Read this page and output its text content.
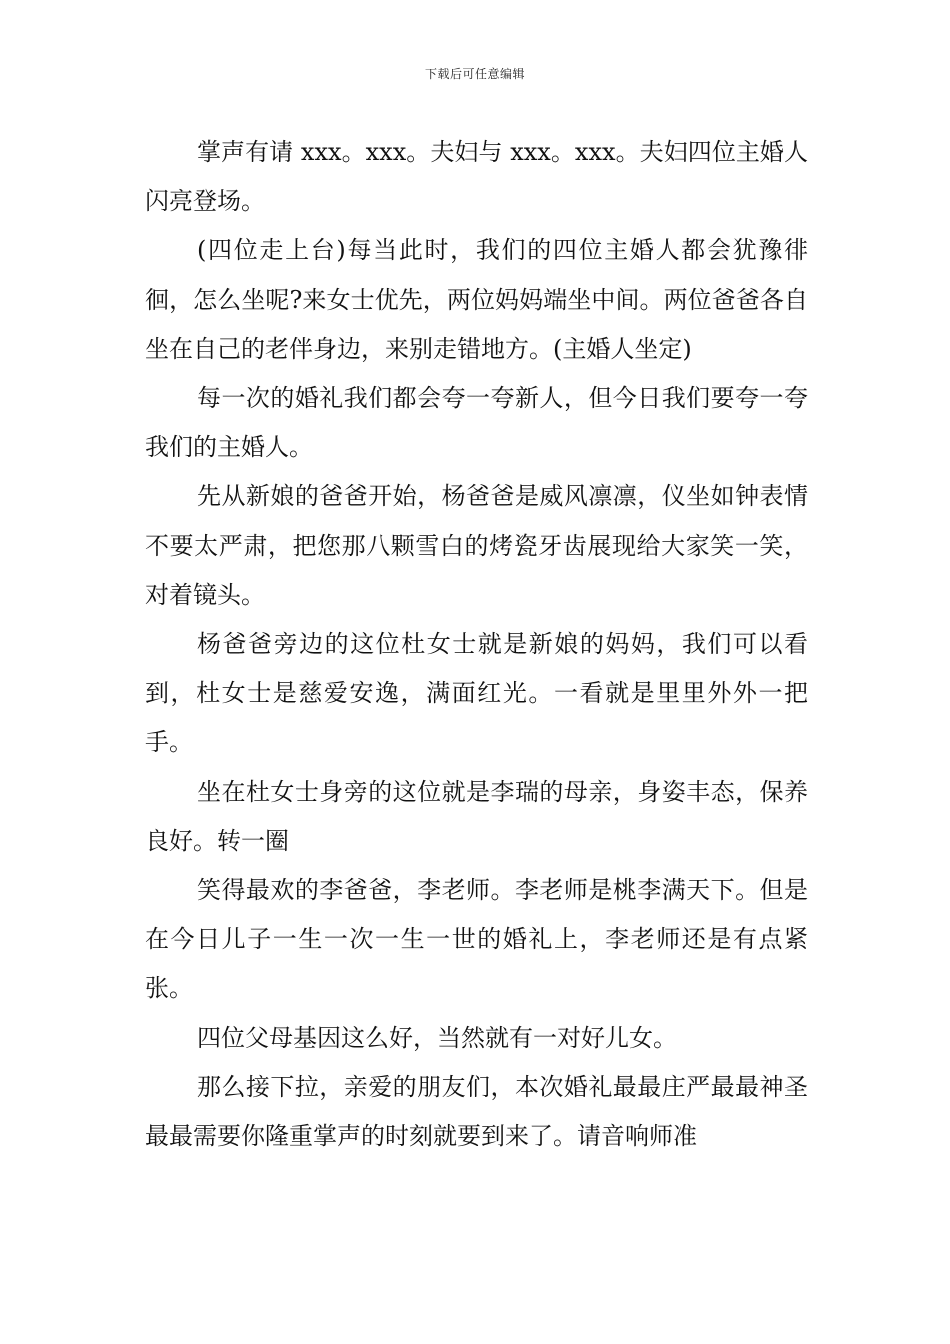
下载后可任意编辑

掌声有请 xxx。xxx。夫妇与 xxx。xxx。夫妇四位主婚人闪亮登场。

(四位走上台)每当此时，我们的四位主婚人都会犹豫徘徊，怎么坐呢?来女士优先，两位妈妈端坐中间。两位爸爸各自坐在自己的老伴身边，来别走错地方。(主婚人坐定)

每一次的婚礼我们都会夸一夸新人，但今日我们要夸一夸我们的主婚人。

先从新娘的爸爸开始，杨爸爸是威风凛凛，仪坐如钟表情不要太严肃，把您那八颗雪白的烤瓷牙齿展现给大家笑一笑，对着镜头。

杨爸爸旁边的这位杜女士就是新娘的妈妈，我们可以看到，杜女士是慈爱安逸，满面红光。一看就是里里外外一把手。

坐在杜女士身旁的这位就是李瑞的母亲，身姿丰态，保养良好。转一圈

笑得最欢的李爸爸，李老师。李老师是桃李满天下。但是在今日儿子一生一次一生一世的婚礼上，李老师还是有点紧张。

四位父母基因这么好，当然就有一对好儿女。

那么接下拉，亲爱的朋友们，本次婚礼最最庄严最最神圣最最需要你隆重掌声的时刻就要到来了。请音响师准
